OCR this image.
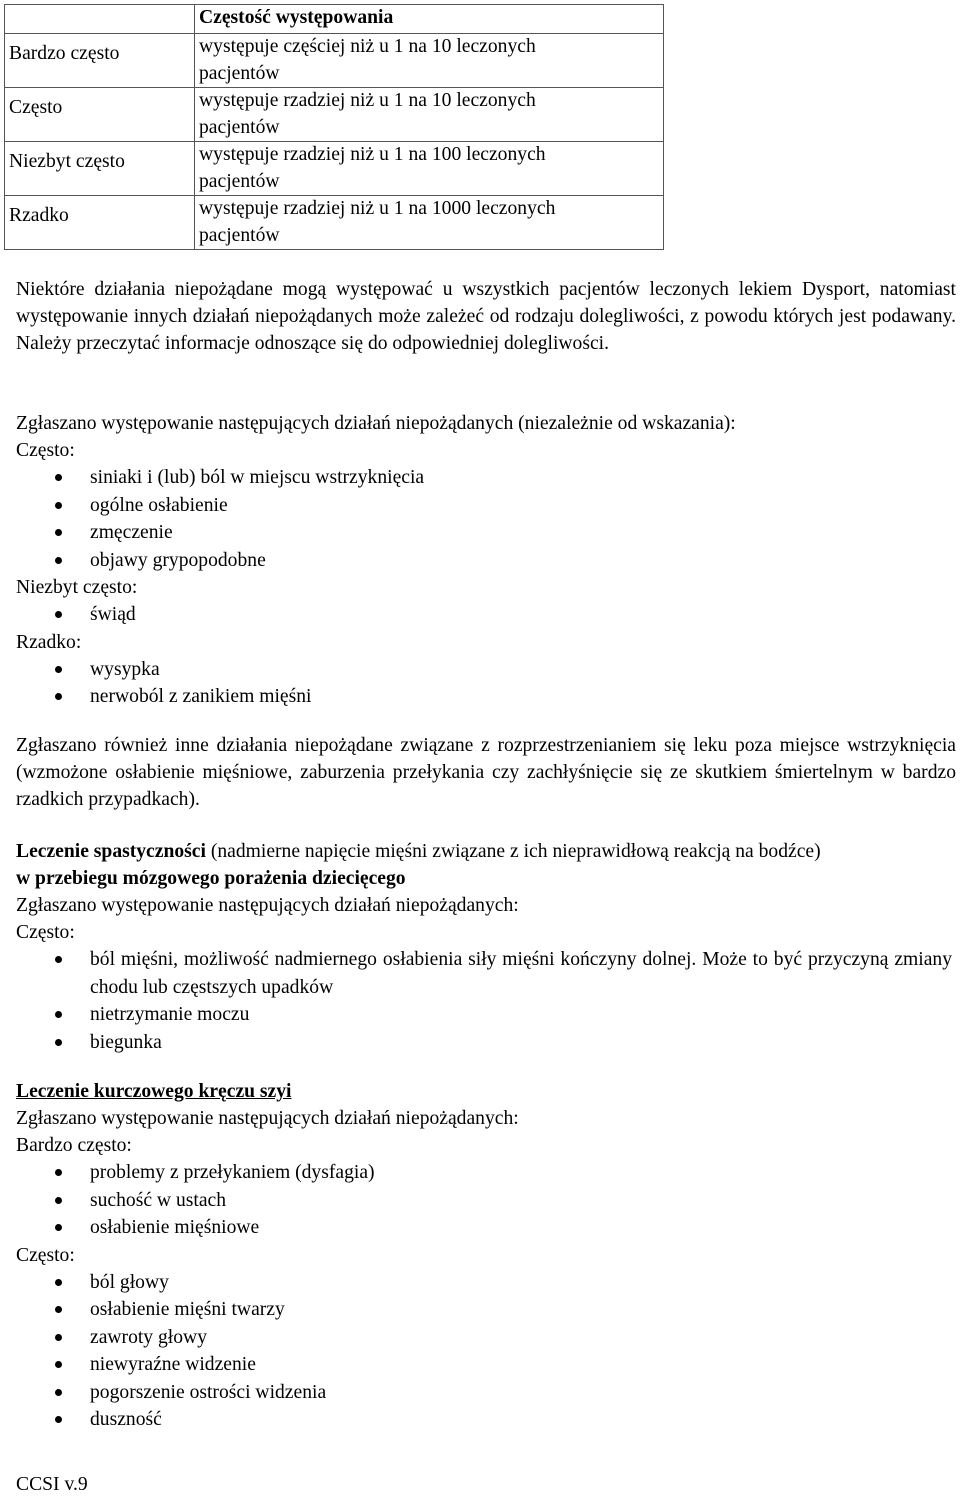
	Częstość występowania

Bardzo często	występuje częściej niż u 1 na 10 leczonych
pacjentów

Często	występuje rzadziej niż u 1 na 10 leczonych
pacjentów

Niezbyt często	występuje rzadziej niż u 1 na 100 leczonych
pacjentów

Rzadko	występuje rzadziej niż u 1 na 1000 leczonych
pacjentów

Niektóre działania niepożądane mogą występować u wszystkich pacjentów leczonych lekiem Dysport, natomiast występowanie innych działań niepożądanych może zależeć od rodzaju dolegliwości, z powodu których jest podawany. Należy przeczytać informacje odnoszące się do odpowiedniej dolegliwości.

Zgłaszano występowanie następujących działań niepożądanych (niezależnie od wskazania):

Często:
siniaki i (lub) ból w miejscu wstrzyknięcia
ogólne osłabienie
zmęczenie
objawy grypopodobne
Niezbyt często:
świąd
Rzadko:
wysypka
nerwoból z zanikiem mięśni

Zgłaszano również inne działania niepożądane związane z rozprzestrzenianiem się leku poza miejsce wstrzyknięcia (wzmożone osłabienie mięśniowe, zaburzenia przełykania czy zachłyśnięcie się ze skutkiem śmiertelnym w bardzo rzadkich przypadkach).

Leczenie spastyczności (nadmierne napięcie mięśni związane z ich nieprawidłową reakcją na bodźce)

w przebiegu mózgowego porażenia dziecięcego

Zgłaszano występowanie następujących działań niepożądanych:

Często:
ból mięśni, możliwość nadmiernego osłabienia siły mięśni kończyny dolnej. Może to być przyczyną zmiany chodu lub częstszych upadków
nietrzymanie moczu
biegunka

Leczenie kurczowego kręczu szyi

Zgłaszano występowanie następujących działań niepożądanych:

Bardzo często:
problemy z przełykaniem (dysfagia)
suchość w ustach
osłabienie mięśniowe
Często:
ból głowy
osłabienie mięśni twarzy
zawroty głowy
niewyraźne widzenie
pogorszenie ostrości widzenia
duszność
CCSI v.9
